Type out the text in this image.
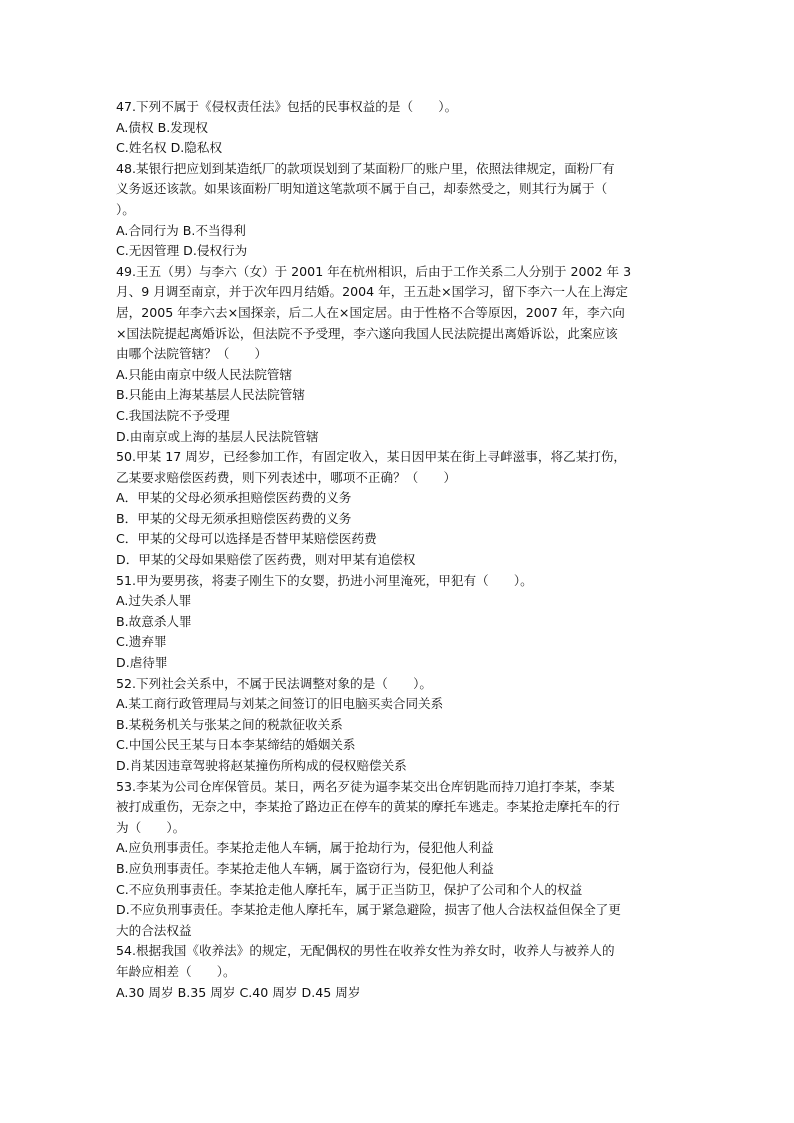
47.下列不属于《侵权责任法》包括的民事权益的是（　　）。
A.债权 B.发现权
C.姓名权 D.隐私权
48.某银行把应划到某造纸厂的款项误划到了某面粉厂的账户里，依照法律规定，面粉厂有
义务返还该款。如果该面粉厂明知道这笔款项不属于自己，却泰然受之，则其行为属于（
）。
A.合同行为 B.不当得利
C.无因管理 D.侵权行为
49.王五（男）与李六（女）于 2001 年在杭州相识，后由于工作关系二人分别于 2002 年 3
月、9 月调至南京，并于次年四月结婚。2004 年，王五赴×国学习，留下李六一人在上海定
居，2005 年李六去×国探亲，后二人在×国定居。由于性格不合等原因，2007 年，李六向
×国法院提起离婚诉讼，但法院不予受理，李六遂向我国人民法院提出离婚诉讼，此案应该
由哪个法院管辖？（　　）
A.只能由南京中级人民法院管辖
B.只能由上海某基层人民法院管辖
C.我国法院不予受理
D.由南京或上海的基层人民法院管辖
50.甲某 17 周岁，已经参加工作，有固定收入，某日因甲某在街上寻衅滋事，将乙某打伤，
乙某要求赔偿医药费，则下列表述中，哪项不正确？（　　）
A．甲某的父母必须承担赔偿医药费的义务
B．甲某的父母无须承担赔偿医药费的义务
C．甲某的父母可以选择是否替甲某赔偿医药费
D．甲某的父母如果赔偿了医药费，则对甲某有追偿权
51.甲为要男孩，将妻子刚生下的女婴，扔进小河里淹死，甲犯有（　　）。
A.过失杀人罪
B.故意杀人罪
C.遗弃罪
D.虐待罪
52.下列社会关系中，不属于民法调整对象的是（　　）。
A.某工商行政管理局与刘某之间签订的旧电脑买卖合同关系
B.某税务机关与张某之间的税款征收关系
C.中国公民王某与日本李某缔结的婚姻关系
D.肖某因违章驾驶将赵某撞伤所构成的侵权赔偿关系
53.李某为公司仓库保管员。某日，两名歹徒为逼李某交出仓库钥匙而持刀追打李某，李某
被打成重伤，无奈之中，李某抢了路边正在停车的黄某的摩托车逃走。李某抢走摩托车的行
为（　　）。
A.应负刑事责任。李某抢走他人车辆，属于抢劫行为，侵犯他人利益
B.应负刑事责任。李某抢走他人车辆，属于盗窃行为，侵犯他人利益
C.不应负刑事责任。李某抢走他人摩托车，属于正当防卫，保护了公司和个人的权益
D.不应负刑事责任。李某抢走他人摩托车，属于紧急避险，损害了他人合法权益但保全了更
大的合法权益
54.根据我国《收养法》的规定，无配偶权的男性在收养女性为养女时，收养人与被养人的
年龄应相差（　　）。
A.30 周岁 B.35 周岁 C.40 周岁 D.45 周岁
